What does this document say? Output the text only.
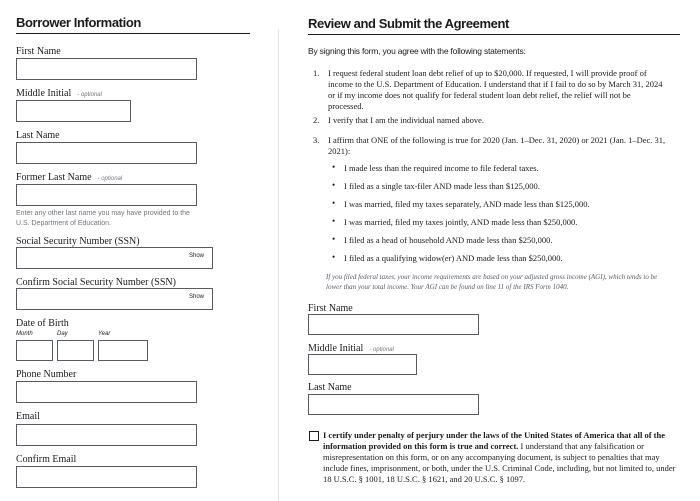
Borrower Information
First Name
Middle Initial - optional
Last Name
Former Last Name - optional
Enter any other last name you may have provided to the
U.S. Department of Education.
Social Security Number (SSN)
Show
Confirm Social Security Number (SSN)
Show
Date of Birth
Month	Day	Year
Phone Number
Email
Confirm Email
Review and Submit the Agreement
By signing this form, you agree with the following statements:
1. I request federal student loan debt relief of up to $20,000. If requested, I will provide proof of income to the U.S. Department of Education. I understand that if I fail to do so by March 31, 2024 or if my income does not qualify for federal student loan debt relief, the relief will not be processed.
2. I verify that I am the individual named above.
3. I affirm that ONE of the following is true for 2020 (Jan. 1–Dec. 31, 2020) or 2021 (Jan. 1–Dec. 31, 2021):
• I made less than the required income to file federal taxes.
• I filed as a single tax-filer AND made less than $125,000.
• I was married, filed my taxes separately, AND made less than $125,000.
• I was married, filed my taxes jointly, AND made less than $250,000.
• I filed as a head of household AND made less than $250,000.
• I filed as a qualifying widow(er) AND made less than $250,000.
If you filed federal taxes, your income requirements are based on your adjusted gross income (AGI), which tends to be lower than your total income. Your AGI can be found on line 11 of the IRS Form 1040.
First Name
Middle Initial - optional
Last Name
I certify under penalty of perjury under the laws of the United States of America that all of the information provided on this form is true and correct. I understand that any falsification or misrepresentation on this form, or on any accompanying document, is subject to penalties that may include fines, imprisonment, or both, under the U.S. Criminal Code, including, but not limited to, under 18 U.S.C. § 1001, 18 U.S.C. § 1621, and 20 U.S.C. § 1097.
